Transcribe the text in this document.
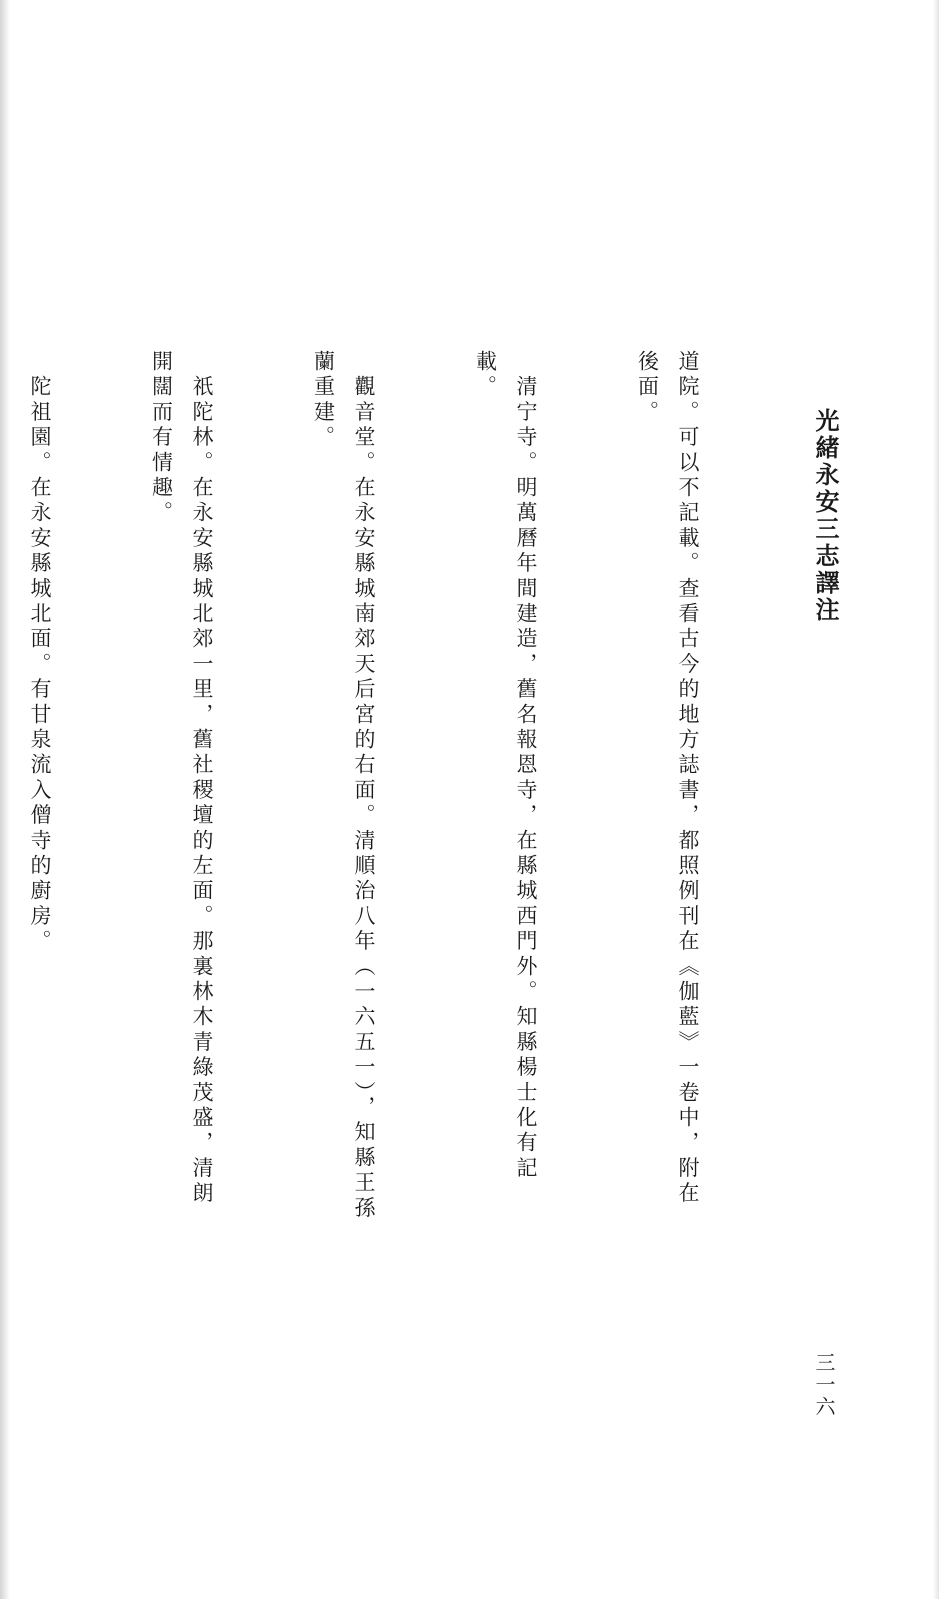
光緒永安三志譯注
三一六

道院。可以不記載。查看古今的地方誌書，都照例刊在《伽藍》一卷中，附在後面。

　清宁寺。明萬曆年間建造，舊名報恩寺，在縣城西門外。知縣楊士化有記載。

　觀音堂。在永安縣城南郊天后宮的右面。清順治八年（一六五一），知縣王孫蘭重建。

　祇陀林。在永安縣城北郊一里，舊社稷壇的左面。那裏林木青綠茂盛，清朗開闊而有情趣。

　陀祖園。在永安縣城北面。有甘泉流入僧寺的廚房。
